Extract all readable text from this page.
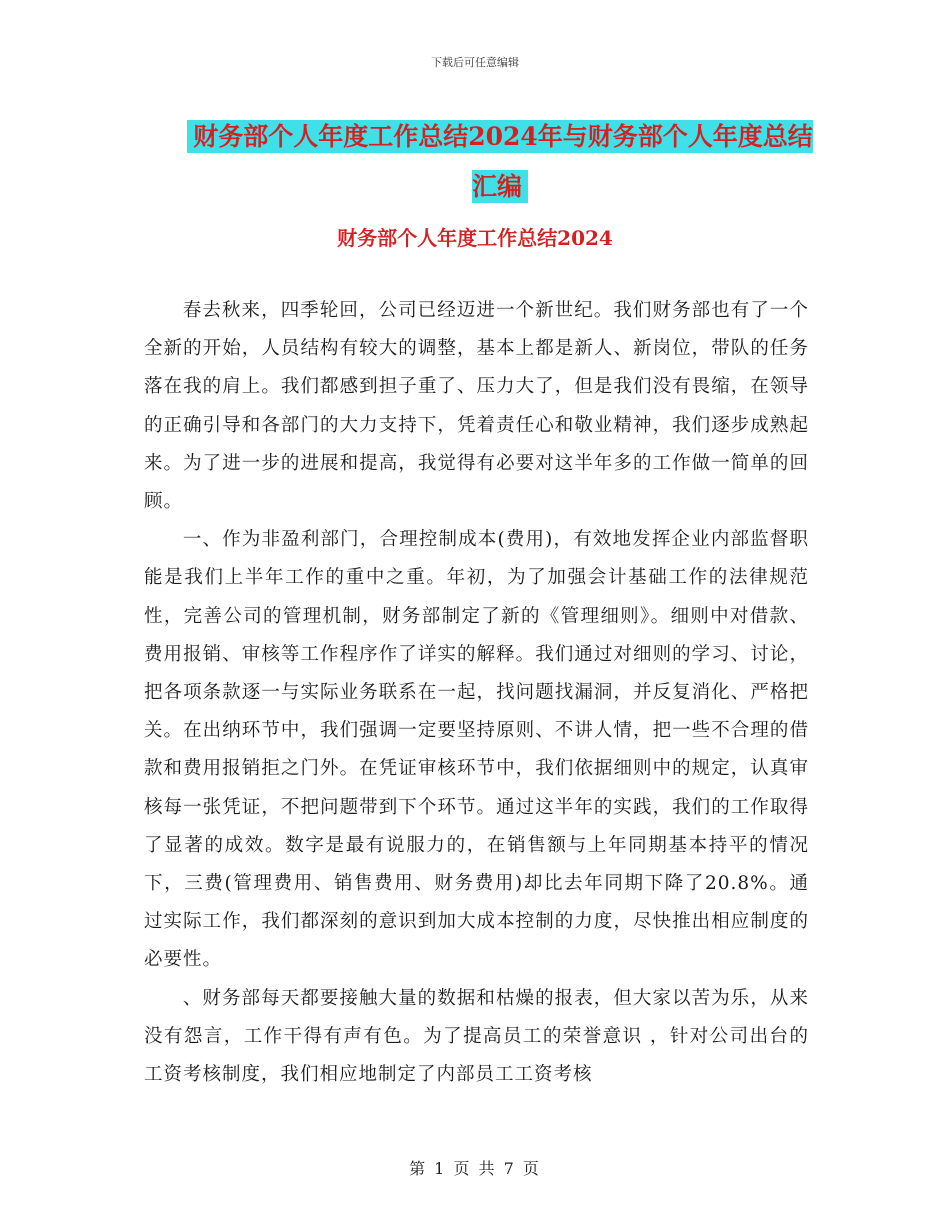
下载后可任意编辑
财务部个人年度工作总结2024年与财务部个人年度总结汇编
财务部个人年度工作总结2024

春去秋来，四季轮回，公司已经迈进一个新世纪。我们财务部也有了一个全新的开始，人员结构有较大的调整，基本上都是新人、新岗位，带队的任务落在我的肩上。我们都感到担子重了、压力大了，但是我们没有畏缩，在领导的正确引导和各部门的大力支持下，凭着责任心和敬业精神，我们逐步成熟起来。为了进一步的进展和提高，我觉得有必要对这半年多的工作做一简单的回顾。

一、作为非盈利部门，合理控制成本(费用)，有效地发挥企业内部监督职能是我们上半年工作的重中之重。年初，为了加强会计基础工作的法律规范性，完善公司的管理机制，财务部制定了新的《管理细则》。细则中对借款、费用报销、审核等工作程序作了详实的解释。我们通过对细则的学习、讨论，把各项条款逐一与实际业务联系在一起，找问题找漏洞，并反复消化、严格把关。在出纳环节中，我们强调一定要坚持原则、不讲人情，把一些不合理的借款和费用报销拒之门外。在凭证审核环节中，我们依据细则中的规定，认真审核每一张凭证，不把问题带到下个环节。通过这半年的实践，我们的工作取得了显著的成效。数字是最有说服力的，在销售额与上年同期基本持平的情况下，三费(管理费用、销售费用、财务费用)却比去年同期下降了20.8%。通过实际工作，我们都深刻的意识到加大成本控制的力度，尽快推出相应制度的必要性。

、财务部每天都要接触大量的数据和枯燥的报表，但大家以苦为乐，从来没有怨言，工作干得有声有色。为了提高员工的荣誉意识 ，针对公司出台的工资考核制度，我们相应地制定了内部员工工资考核

第 1 页 共 7 页
